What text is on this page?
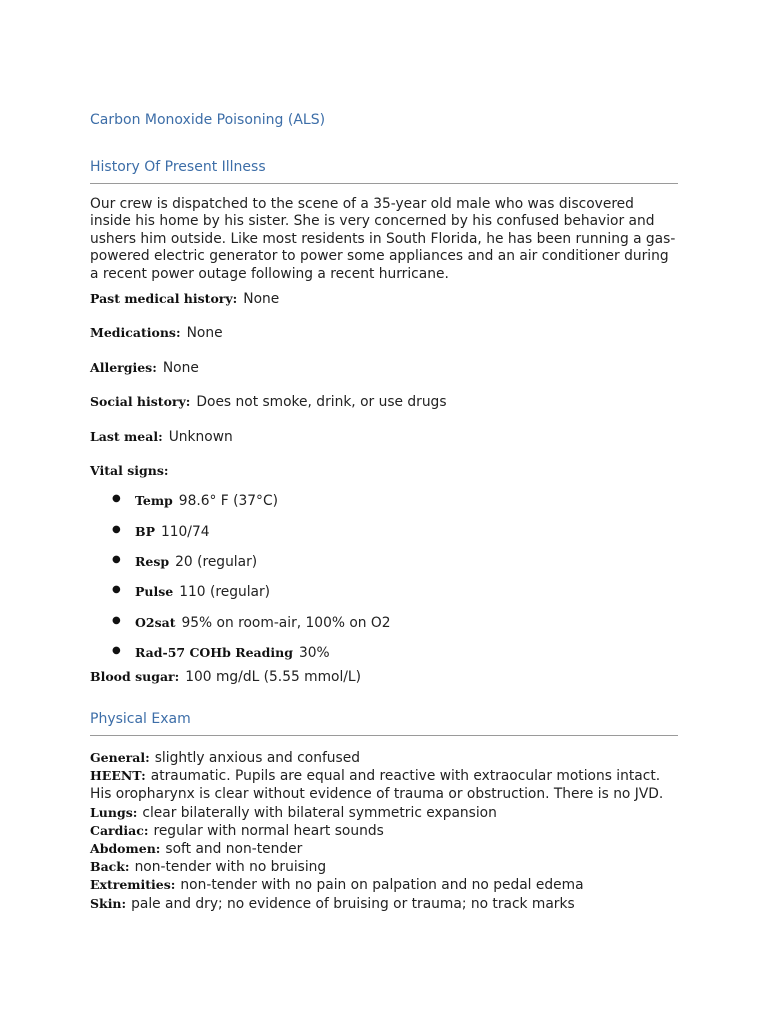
Carbon Monoxide Poisoning (ALS)
History Of Present Illness
Our crew is dispatched to the scene of a 35-year old male who was discovered inside his home by his sister. She is very concerned by his confused behavior and ushers him outside. Like most residents in South Florida, he has been running a gas-powered electric generator to power some appliances and an air conditioner during a recent power outage following a recent hurricane.
Past medical history: None
Medications: None
Allergies: None
Social history: Does not smoke, drink, or use drugs
Last meal: Unknown
Vital signs:
● Temp 98.6° F (37°C)
● BP 110/74
● Resp 20 (regular)
● Pulse 110 (regular)
● O2sat 95% on room-air, 100% on O2
● Rad-57 COHb Reading 30%
Blood sugar: 100 mg/dL (5.55 mmol/L)
Physical Exam
General: slightly anxious and confused
HEENT: atraumatic. Pupils are equal and reactive with extraocular motions intact. His oropharynx is clear without evidence of trauma or obstruction. There is no JVD.
Lungs: clear bilaterally with bilateral symmetric expansion
Cardiac: regular with normal heart sounds
Abdomen: soft and non-tender
Back: non-tender with no bruising
Extremities: non-tender with no pain on palpation and no pedal edema
Skin: pale and dry; no evidence of bruising or trauma; no track marks
